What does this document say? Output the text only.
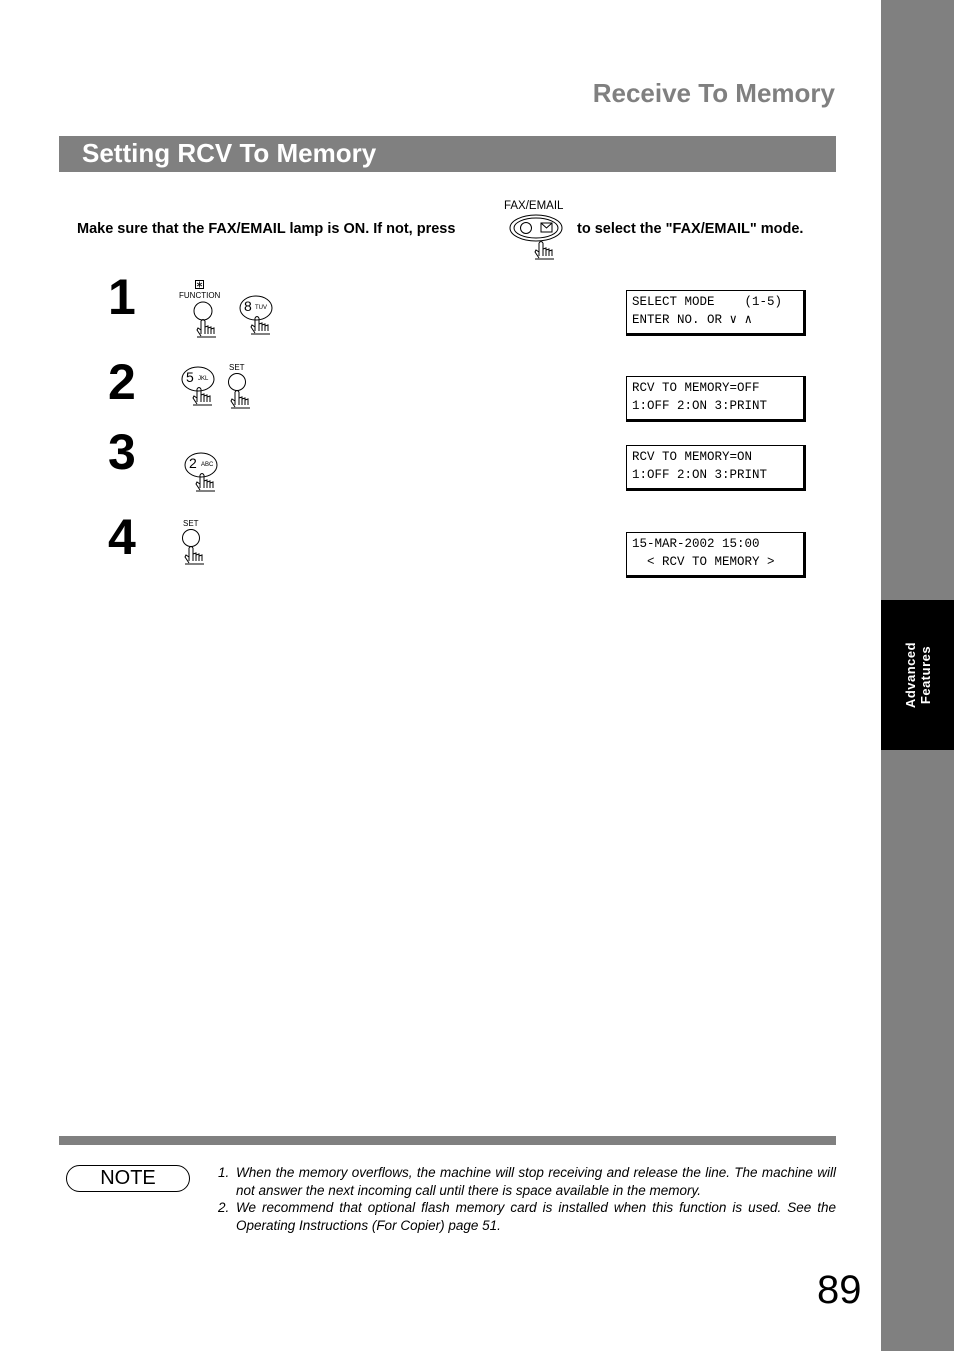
Advanced Features
Receive To Memory
Setting RCV To Memory
Make sure that the FAX/EMAIL lamp is ON. If not, press
FAX/EMAIL
to select the "FAX/EMAIL" mode.
1	FUNCTION
8 TUV	SELECT MODE    (1-5)
ENTER NO. OR ∨ ∧
2	5 JKL
SET
RCV TO MEMORY=OFF
1:OFF 2:ON 3:PRINT
3	2 ABC
RCV TO MEMORY=ON
1:OFF 2:ON 3:PRINT
4	SET
15-MAR-2002 15:00
< RCV TO MEMORY >
NOTE	1. When the memory overflows, the machine will stop receiving and release the line. The machine will not answer the next incoming call until there is space available in the memory.
2. We recommend that optional flash memory card is installed when this function is used. See the Operating Instructions (For Copier) page 51.
89
